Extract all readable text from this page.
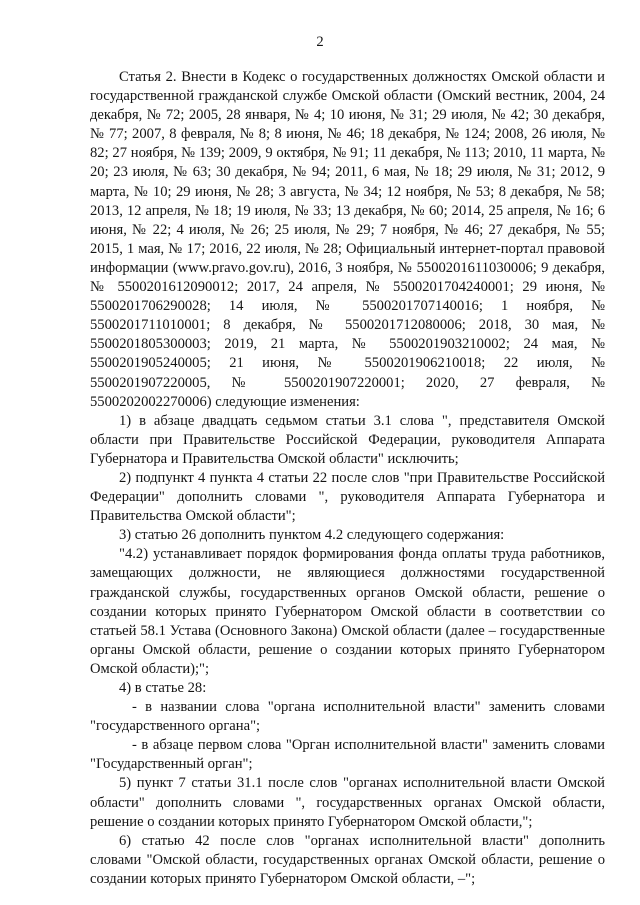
2

Статья 2. Внести в Кодекс о государственных должностях Омской области и государственной гражданской службе Омской области (Омский вестник, 2004, 24 декабря, № 72; 2005, 28 января, № 4; 10 июня, № 31; 29 июля, № 42; 30 декабря, № 77; 2007, 8 февраля, № 8; 8 июня, № 46; 18 декабря, № 124; 2008, 26 июля, № 82; 27 ноября, № 139; 2009, 9 октября, № 91; 11 декабря, № 113; 2010, 11 марта, № 20; 23 июля, № 63; 30 декабря, № 94; 2011, 6 мая, № 18; 29 июля, № 31; 2012, 9 марта, № 10; 29 июня, № 28; 3 августа, № 34; 12 ноября, № 53; 8 декабря, № 58; 2013, 12 апреля, № 18; 19 июля, № 33; 13 декабря, № 60; 2014, 25 апреля, № 16; 6 июня, № 22; 4 июля, № 26; 25 июля, № 29; 7 ноября, № 46; 27 декабря, № 55; 2015, 1 мая, № 17; 2016, 22 июля, № 28; Официальный интернет-портал правовой информации (www.pravo.gov.ru), 2016, 3 ноября, № 5500201611030006; 9 декабря, № 5500201612090012; 2017, 24 апреля, № 5500201704240001; 29 июня, № 5500201706290028; 14 июля, № 5500201707140016; 1 ноября, № 5500201711010001; 8 декабря, № 5500201712080006; 2018, 30 мая, № 5500201805300003; 2019, 21 марта, № 5500201903210002; 24 мая, № 5500201905240005; 21 июня, № 5500201906210018; 22 июля, № 5500201907220005, № 5500201907220001; 2020, 27 февраля, № 5500202002270006) следующие изменения:

1) в абзаце двадцать седьмом статьи 3.1 слова ", представителя Омской области при Правительстве Российской Федерации, руководителя Аппарата Губернатора и Правительства Омской области" исключить;

2) подпункт 4 пункта 4 статьи 22 после слов "при Правительстве Российской Федерации" дополнить словами ", руководителя Аппарата Губернатора и Правительства Омской области";

3) статью 26 дополнить пунктом 4.2 следующего содержания:

"4.2) устанавливает порядок формирования фонда оплаты труда работников, замещающих должности, не являющиеся должностями государственной гражданской службы, государственных органов Омской области, решение о создании которых принято Губернатором Омской области в соответствии со статьей 58.1 Устава (Основного Закона) Омской области (далее – государственные органы Омской области, решение о создании которых принято Губернатором Омской области);";

4) в статье 28:

- в названии слова "органа исполнительной власти" заменить словами "государственного органа";

- в абзаце первом слова "Орган исполнительной власти" заменить словами "Государственный орган";

5) пункт 7 статьи 31.1 после слов "органах исполнительной власти Омской области" дополнить словами ", государственных органах Омской области, решение о создании которых принято Губернатором Омской области,";

6) статью 42 после слов "органах исполнительной власти" дополнить словами "Омской области, государственных органах Омской области, решение о создании которых принято Губернатором Омской области, –";
